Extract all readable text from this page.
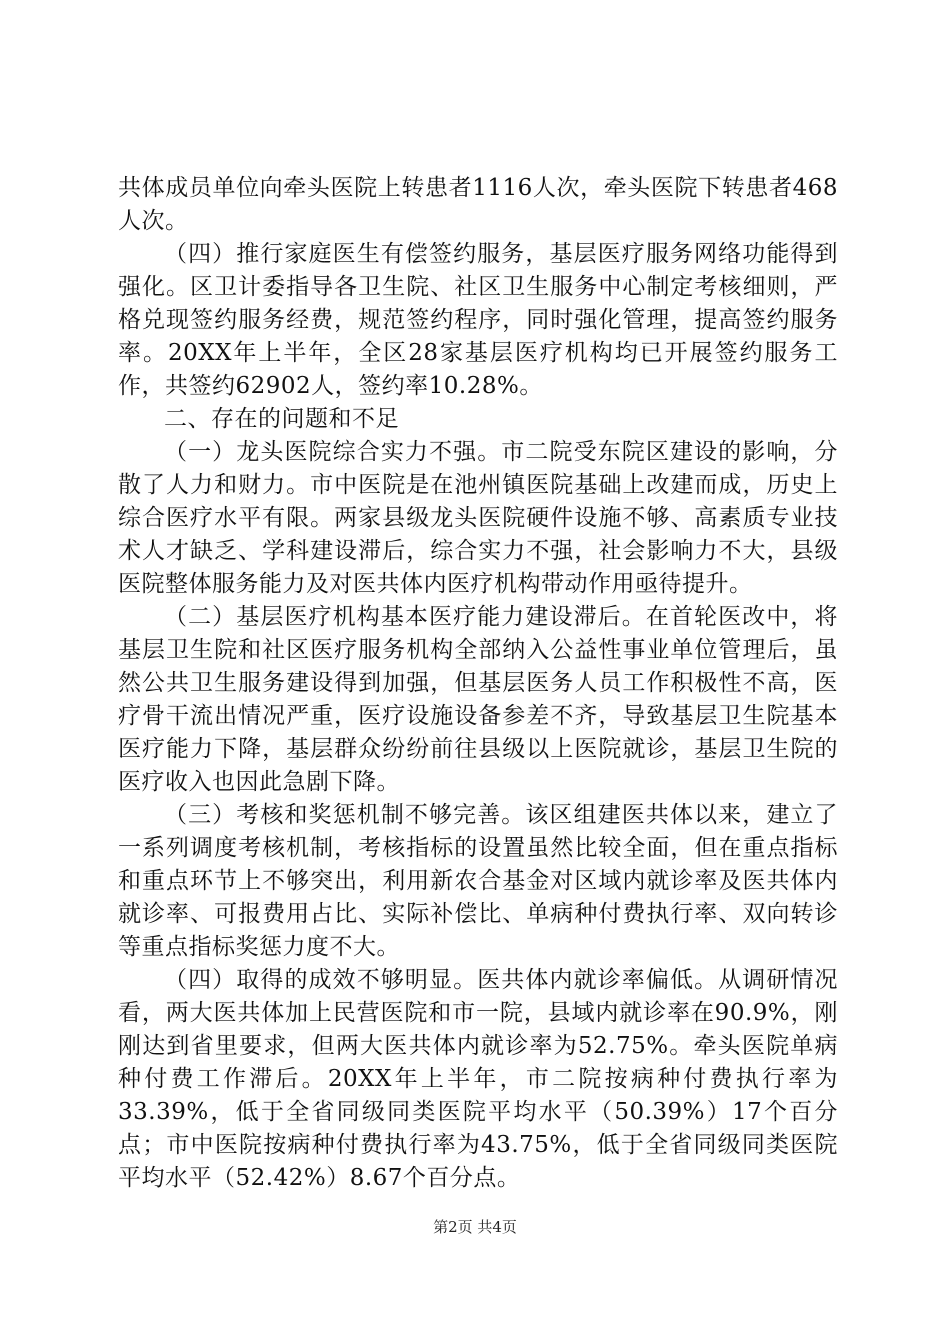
共体成员单位向牵头医院上转患者1116人次，牵头医院下转患者468人次。

（四）推行家庭医生有偿签约服务，基层医疗服务网络功能得到强化。区卫计委指导各卫生院、社区卫生服务中心制定考核细则，严格兑现签约服务经费，规范签约程序，同时强化管理，提高签约服务率。20XX年上半年，全区28家基层医疗机构均已开展签约服务工作，共签约62902人，签约率10.28%。

二、存在的问题和不足

（一）龙头医院综合实力不强。市二院受东院区建设的影响，分散了人力和财力。市中医院是在池州镇医院基础上改建而成，历史上综合医疗水平有限。两家县级龙头医院硬件设施不够、高素质专业技术人才缺乏、学科建设滞后，综合实力不强，社会影响力不大，县级医院整体服务能力及对医共体内医疗机构带动作用亟待提升。

（二）基层医疗机构基本医疗能力建设滞后。在首轮医改中，将基层卫生院和社区医疗服务机构全部纳入公益性事业单位管理后，虽然公共卫生服务建设得到加强，但基层医务人员工作积极性不高，医疗骨干流出情况严重，医疗设施设备参差不齐，导致基层卫生院基本医疗能力下降，基层群众纷纷前往县级以上医院就诊，基层卫生院的医疗收入也因此急剧下降。

（三）考核和奖惩机制不够完善。该区组建医共体以来，建立了一系列调度考核机制，考核指标的设置虽然比较全面，但在重点指标和重点环节上不够突出，利用新农合基金对区域内就诊率及医共体内就诊率、可报费用占比、实际补偿比、单病种付费执行率、双向转诊等重点指标奖惩力度不大。

（四）取得的成效不够明显。医共体内就诊率偏低。从调研情况看，两大医共体加上民营医院和市一院，县域内就诊率在90.9%，刚刚达到省里要求，但两大医共体内就诊率为52.75%。牵头医院单病种付费工作滞后。20XX年上半年，市二院按病种付费执行率为33.39%，低于全省同级同类医院平均水平（50.39%）17个百分点；市中医院按病种付费执行率为43.75%，低于全省同级同类医院平均水平（52.42%）8.67个百分点。

第2页 共4页
